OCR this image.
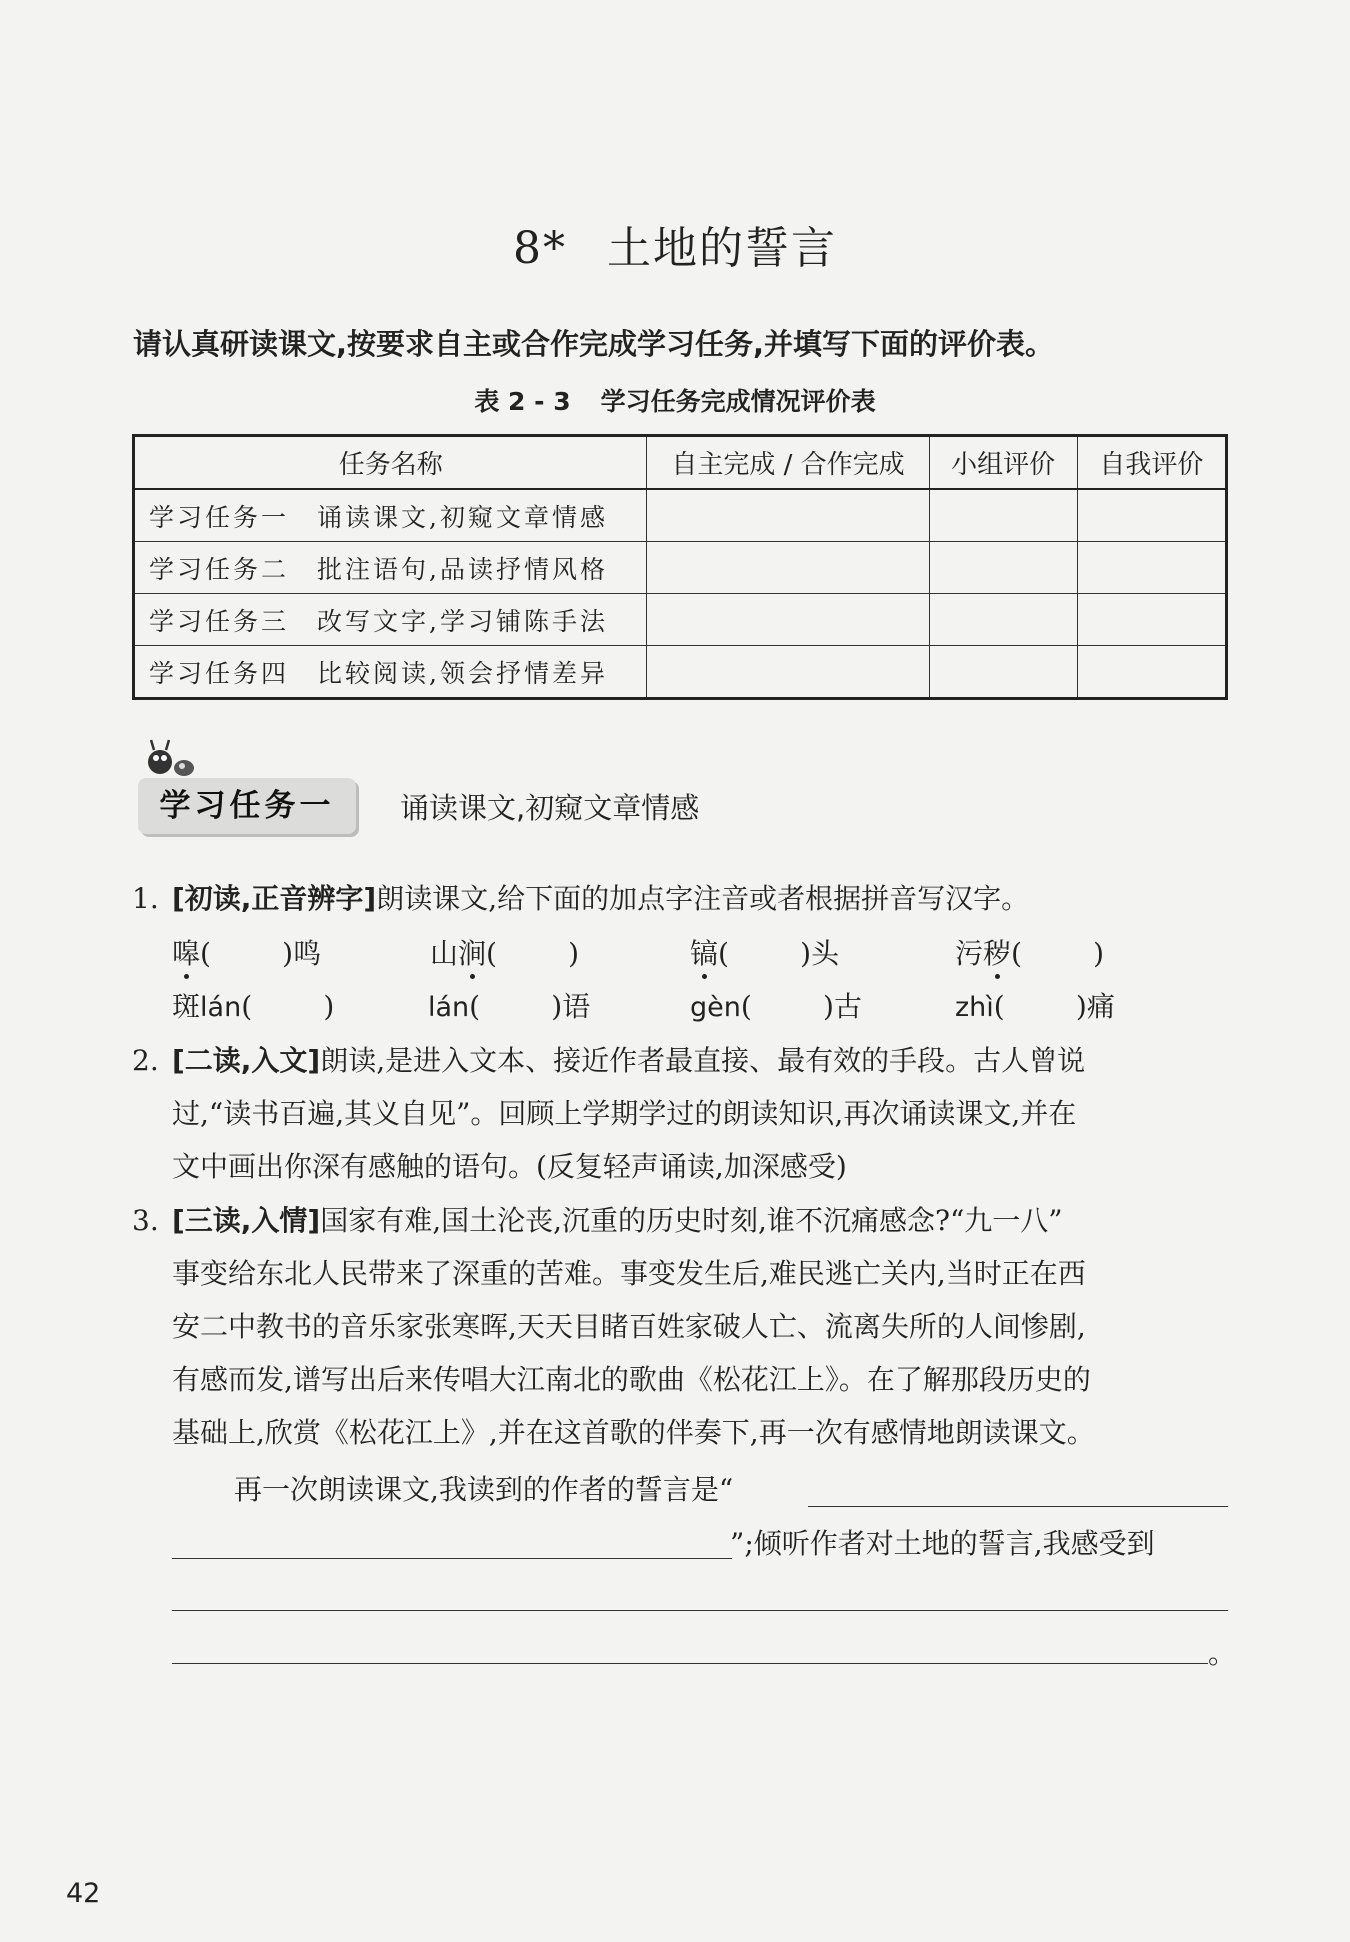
8* 土地的誓言
请认真研读课文,按要求自主或合作完成学习任务,并填写下面的评价表。
表 2 - 3 学习任务完成情况评价表
任务名称	自主完成 / 合作完成	小组评价	自我评价
学习任务一 诵读课文,初窥文章情感			
学习任务二 批注语句,品读抒情风格			
学习任务三 改写文字,学习铺陈手法			
学习任务四 比较阅读,领会抒情差异			
学习任务一	诵读课文,初窥文章情感
1. [初读,正音辨字]朗读课文,给下面的加点字注音或者根据拼音写汉字。
嗥(        )鸣	山涧(        )	镐(        )头	污秽(        )
斑lán(        )	lán(        )语	gèn(        )古	zhì(        )痛
2. [二读,入文]朗读,是进入文本、接近作者最直接、最有效的手段。古人曾说
过,“读书百遍,其义自见”。回顾上学期学过的朗读知识,再次诵读课文,并在
文中画出你深有感触的语句。(反复轻声诵读,加深感受)
3. [三读,入情]国家有难,国土沦丧,沉重的历史时刻,谁不沉痛感念?“九一八”
事变给东北人民带来了深重的苦难。事变发生后,难民逃亡关内,当时正在西
安二中教书的音乐家张寒晖,天天目睹百姓家破人亡、流离失所的人间惨剧,
有感而发,谱写出后来传唱大江南北的歌曲《松花江上》。在了解那段历史的
基础上,欣赏《松花江上》,并在这首歌的伴奏下,再一次有感情地朗读课文。
再一次朗读课文,我读到的作者的誓言是“
”;倾听作者对土地的誓言,我感受到
。
42
